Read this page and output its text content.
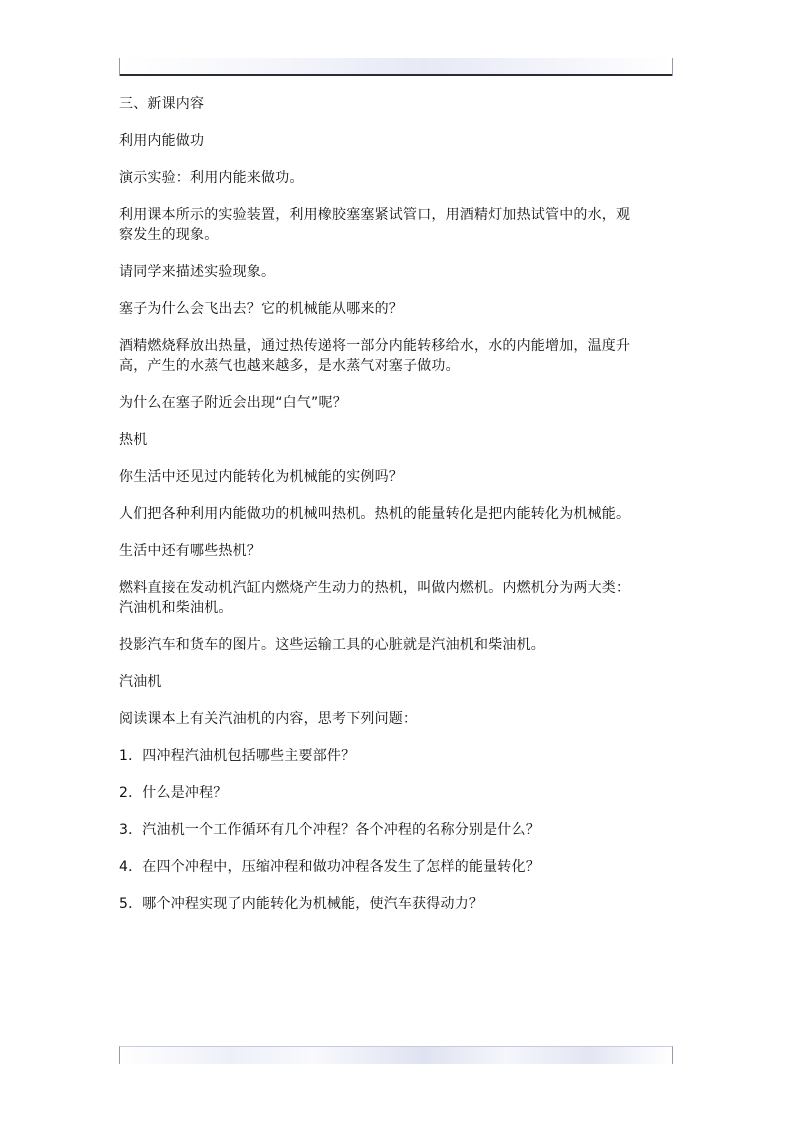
三、新课内容

利用内能做功

演示实验：利用内能来做功。

利用课本所示的实验装置，利用橡胶塞塞紧试管口，用酒精灯加热试管中的水，观察发生的现象。

请同学来描述实验现象。

塞子为什么会飞出去？它的机械能从哪来的？

酒精燃烧释放出热量，通过热传递将一部分内能转移给水，水的内能增加，温度升高，产生的水蒸气也越来越多，是水蒸气对塞子做功。

为什么在塞子附近会出现“白气”呢？

热机

你生活中还见过内能转化为机械能的实例吗？

人们把各种利用内能做功的机械叫热机。热机的能量转化是把内能转化为机械能。

生活中还有哪些热机？

燃料直接在发动机汽缸内燃烧产生动力的热机，叫做内燃机。内燃机分为两大类：汽油机和柴油机。

投影汽车和货车的图片。这些运输工具的心脏就是汽油机和柴油机。

汽油机

阅读课本上有关汽油机的内容，思考下列问题：

1．四冲程汽油机包括哪些主要部件？

2．什么是冲程？

3．汽油机一个工作循环有几个冲程？各个冲程的名称分别是什么？

4．在四个冲程中，压缩冲程和做功冲程各发生了怎样的能量转化？

5．哪个冲程实现了内能转化为机械能，使汽车获得动力？
